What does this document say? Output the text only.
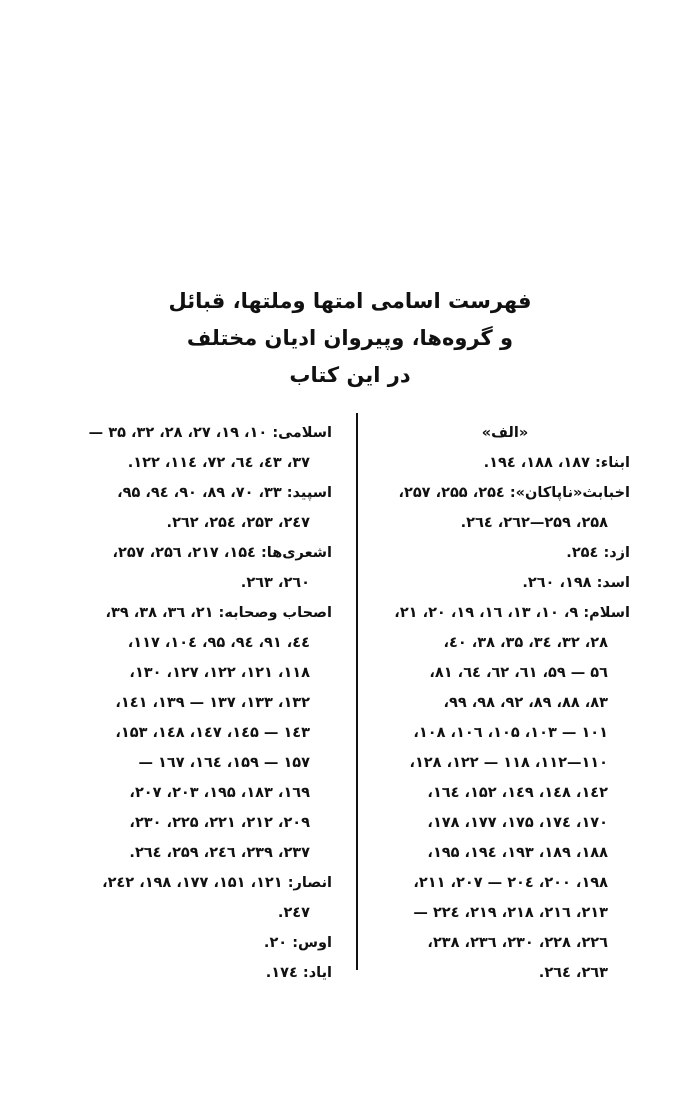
فهرست اسامی امتها وملتها، قبائل
و گروه‌ها، وپیروان ادیان مختلف
در این کتاب
«الف»
ابناء: ۱۸۷، ۱۸۸، ۱۹٤.
اخبابث«ناپاکان»: ۲۵٤، ۲۵۵، ۲۵۷،
۲۵۸، ۲۵۹—۲٦۲، ۲٦٤.
ازد: ۲۵٤.
اسد: ۱۹۸، ۲٦۰.
اسلام: ۹، ۱۰، ۱۳، ۱٦، ۱۹، ۲۰، ۲۱،
۲۸، ۳۲، ۳٤، ۳۵، ۳۸، ٤۰،
۵٦ — ۵۹، ٦۱، ٦۲، ٦٤، ۸۱،
۸۳، ۸۸، ۸۹، ۹۲، ۹۸، ۹۹،
۱۰۱ — ۱۰۳، ۱۰۵، ۱۰٦، ۱۰۸،
۱۱۰—۱۱۲، ۱۱۸ — ۱۲۲، ۱۲۸،
۱٤۲، ۱٤۸، ۱٤۹، ۱۵۲، ۱٦٤،
۱۷۰، ۱۷٤، ۱۷۵، ۱۷۷، ۱۷۸،
۱۸۸، ۱۸۹، ۱۹۳، ۱۹٤، ۱۹۵،
۱۹۸، ۲۰۰، ۲۰٤ — ۲۰۷، ۲۱۱،
۲۱۳، ۲۱٦، ۲۱۸، ۲۱۹، ۲۲٤ —
۲۲٦، ۲۲۸، ۲۳۰، ۲۳٦، ۲۳۸،
۲٦۳، ۲٦٤.
اسلامی: ۱۰، ۱۹، ۲۷، ۲۸، ۳۲، ۳۵ —
۳۷، ٤۳، ٦٤، ۷۲، ۱۱٤، ۱۲۲.
اسپید: ۳۳، ۷۰، ۸۹، ۹۰، ۹٤، ۹۵،
۲٤۷، ۲۵۳، ۲۵٤، ۲٦۲.
اشعری‌ها: ۱۵٤، ۲۱۷، ۲۵٦، ۲۵۷،
۲٦۰، ۲٦۳.
اصحاب وصحابه: ۲۱، ۳٦، ۳۸، ۳۹،
٤٤، ۹۱، ۹٤، ۹۵، ۱۰٤، ۱۱۷،
۱۱۸، ۱۲۱، ۱۲۲، ۱۲۷، ۱۳۰،
۱۳۲، ۱۳۳، ۱۳۷ — ۱۳۹، ۱٤۱،
۱٤۳ — ۱٤۵، ۱٤۷، ۱٤۸، ۱۵۳،
۱۵۷ — ۱۵۹، ۱٦٤، ۱٦۷ —
۱٦۹، ۱۸۳، ۱۹۵، ۲۰۳، ۲۰۷،
۲۰۹، ۲۱۲، ۲۲۱، ۲۲۵، ۲۳۰،
۲۳۷، ۲۳۹، ۲٤٦، ۲۵۹، ۲٦٤.
انصار: ۱۲۱، ۱۵۱، ۱۷۷، ۱۹۸، ۲٤۲،
۲٤۷.
اوس: ۲۰.
ایاد: ۱۷٤.
